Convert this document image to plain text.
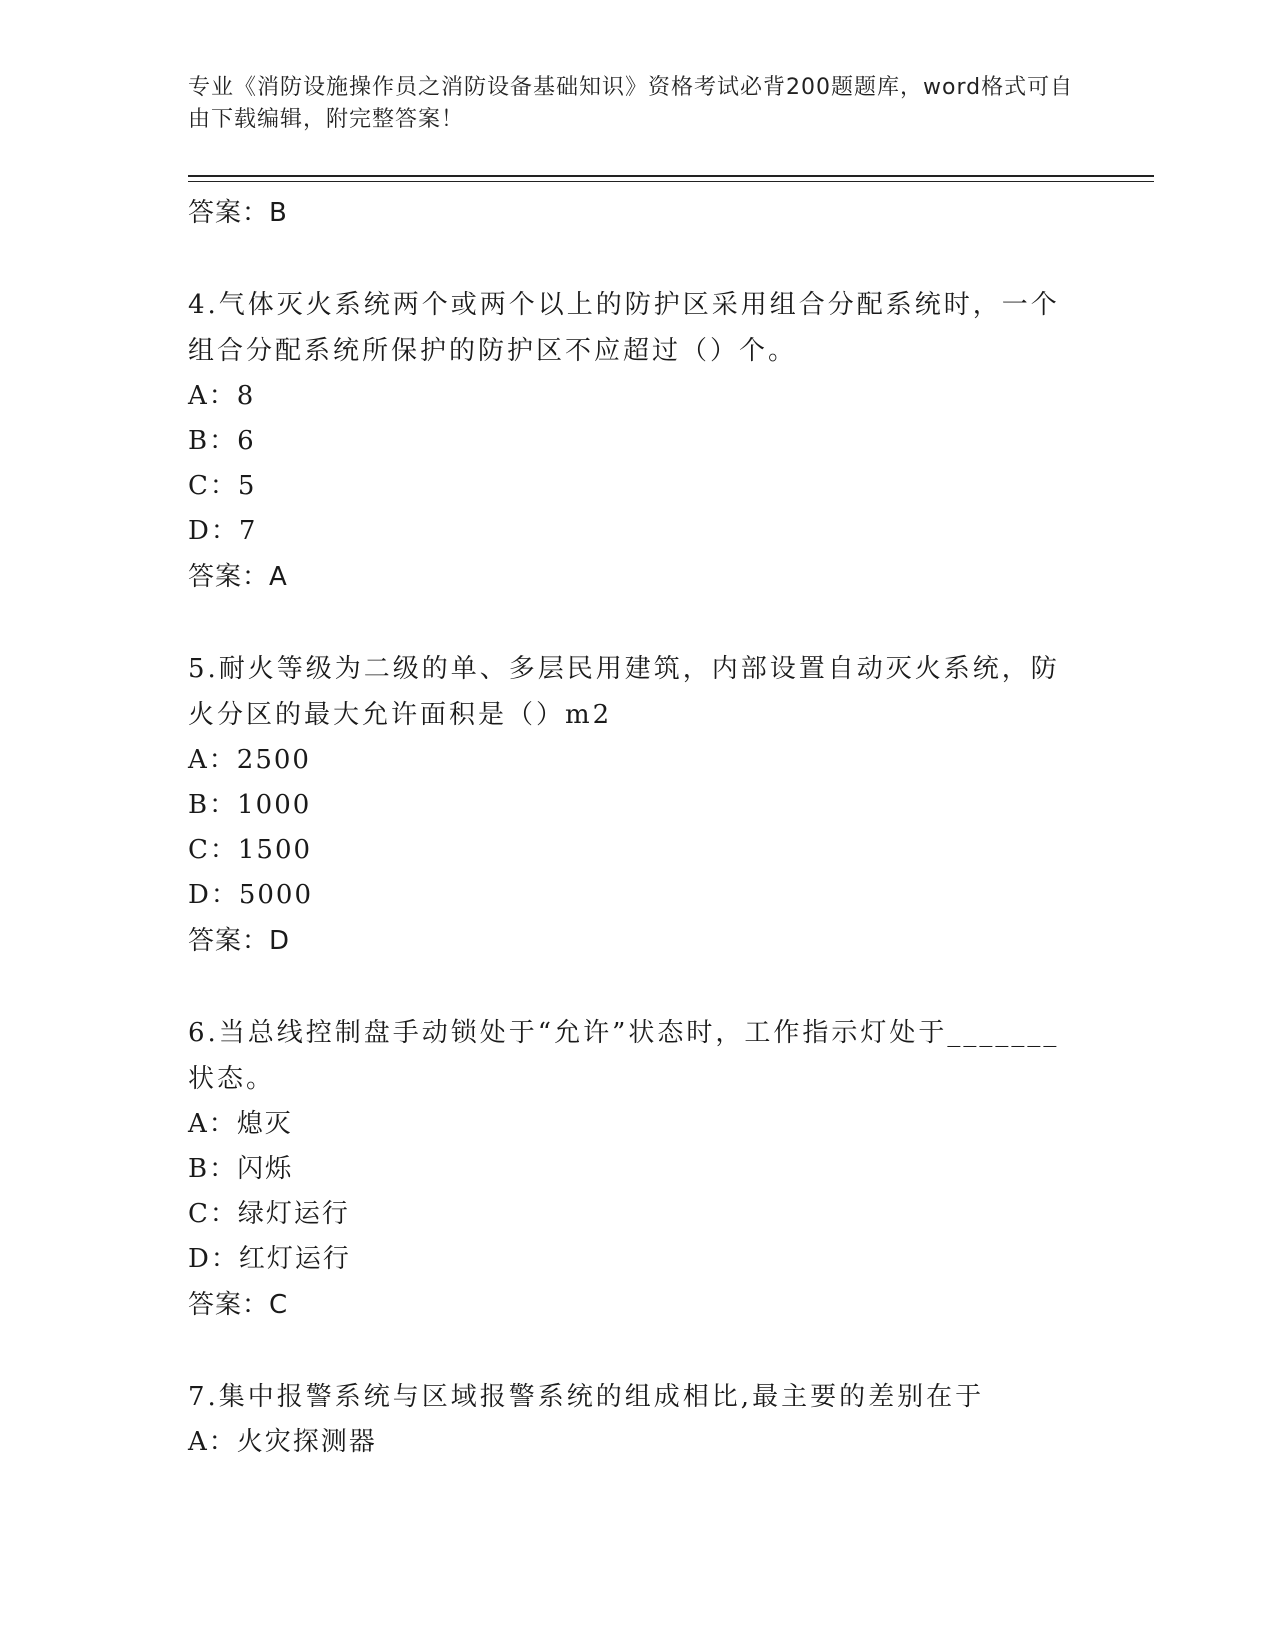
专业《消防设施操作员之消防设备基础知识》资格考试必背200题题库，word格式可自由下载编辑，附完整答案！

答案：B

4.气体灭火系统两个或两个以上的防护区采用组合分配系统时，一个组合分配系统所保护的防护区不应超过（）个。

A：8

B：6

C：5

D：7

答案：A

5.耐火等级为二级的单、多层民用建筑，内部设置自动灭火系统，防火分区的最大允许面积是（）m2

A：2500

B：1000

C：1500

D：5000

答案：D

6.当总线控制盘手动锁处于“允许”状态时，工作指示灯处于_______状态。

A：熄灭

B：闪烁

C：绿灯运行

D：红灯运行

答案：C

7.集中报警系统与区域报警系统的组成相比,最主要的差别在于

A：火灾探测器
